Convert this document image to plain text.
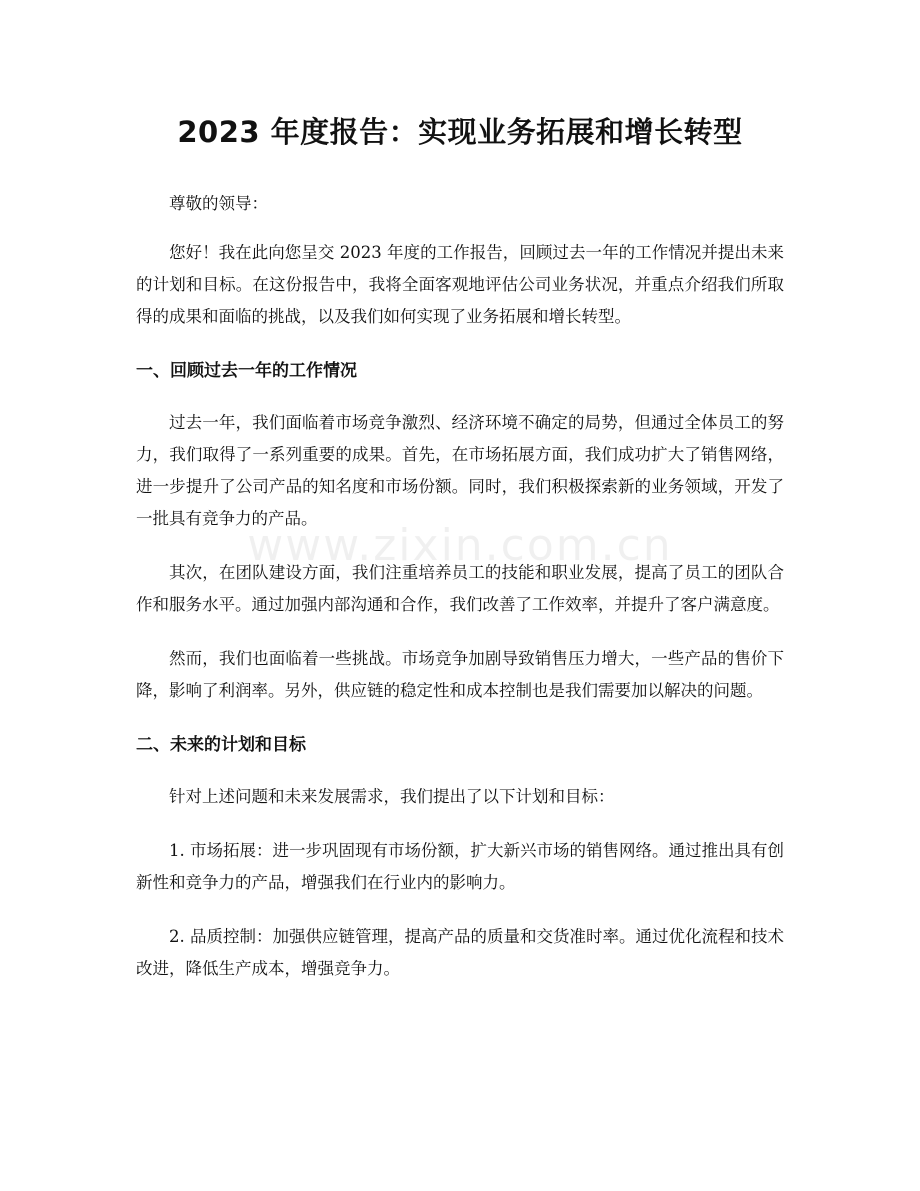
2023 年度报告：实现业务拓展和增长转型

尊敬的领导：

您好！我在此向您呈交 2023 年度的工作报告，回顾过去一年的工作情况并提出未来的计划和目标。在这份报告中，我将全面客观地评估公司业务状况，并重点介绍我们所取得的成果和面临的挑战，以及我们如何实现了业务拓展和增长转型。

一、回顾过去一年的工作情况

过去一年，我们面临着市场竞争激烈、经济环境不确定的局势，但通过全体员工的努力，我们取得了一系列重要的成果。首先，在市场拓展方面，我们成功扩大了销售网络，进一步提升了公司产品的知名度和市场份额。同时，我们积极探索新的业务领域，开发了一批具有竞争力的产品。

其次，在团队建设方面，我们注重培养员工的技能和职业发展，提高了员工的团队合作和服务水平。通过加强内部沟通和合作，我们改善了工作效率，并提升了客户满意度。

然而，我们也面临着一些挑战。市场竞争加剧导致销售压力增大，一些产品的售价下降，影响了利润率。另外，供应链的稳定性和成本控制也是我们需要加以解决的问题。

二、未来的计划和目标

针对上述问题和未来发展需求，我们提出了以下计划和目标：

1. 市场拓展：进一步巩固现有市场份额，扩大新兴市场的销售网络。通过推出具有创新性和竞争力的产品，增强我们在行业内的影响力。

2. 品质控制：加强供应链管理，提高产品的质量和交货准时率。通过优化流程和技术改进，降低生产成本，增强竞争力。

www.zixin.com.cn
